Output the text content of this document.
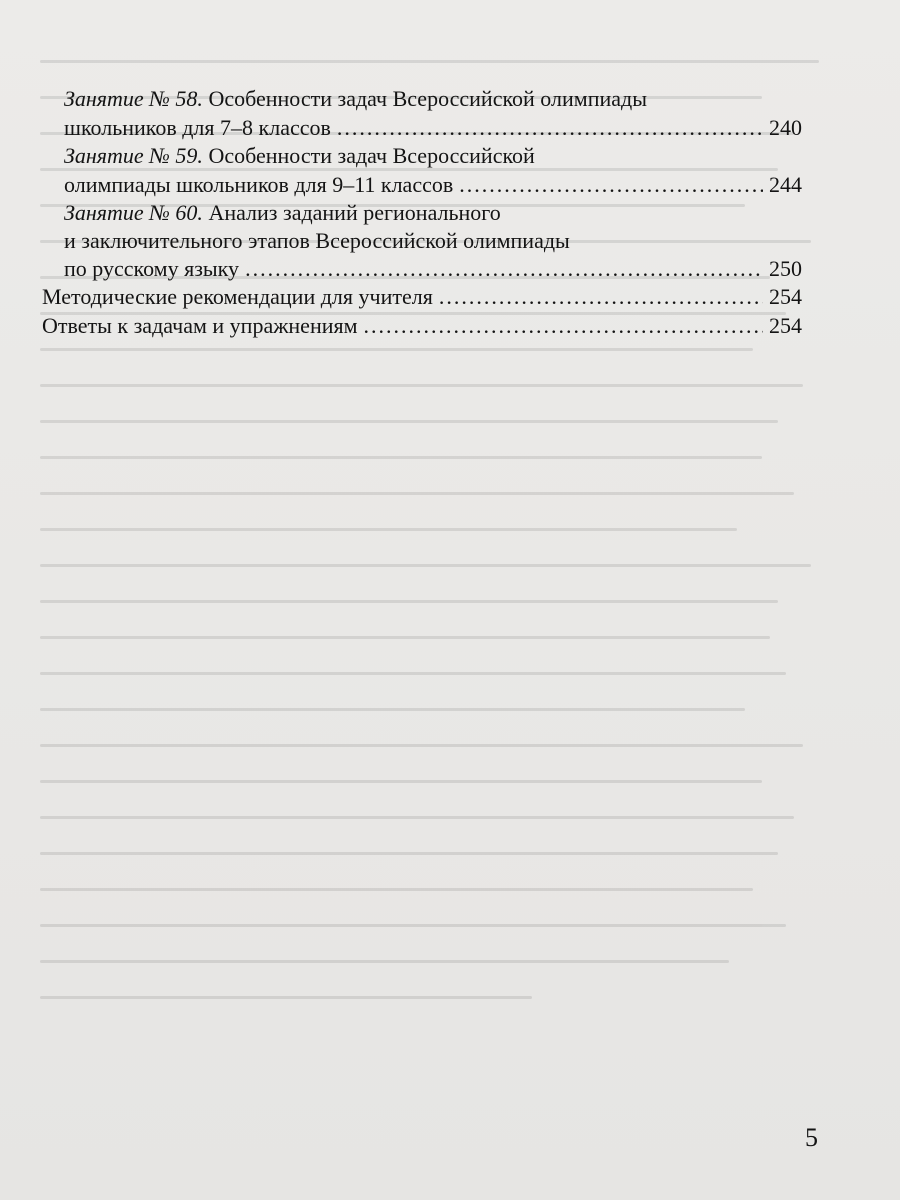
Занятие № 58. Особенности задач Всероссийской олимпиады
школьников для 7–8 классов .....	240
Занятие № 59. Особенности задач Всероссийской
олимпиады школьников для 9–11 классов .....	244
Занятие № 60. Анализ заданий регионального
и заключительного этапов Всероссийской олимпиады
по русскому языку .....	250
Методические рекомендации для учителя .....	254
Ответы к задачам и упражнениям .....	254
5
